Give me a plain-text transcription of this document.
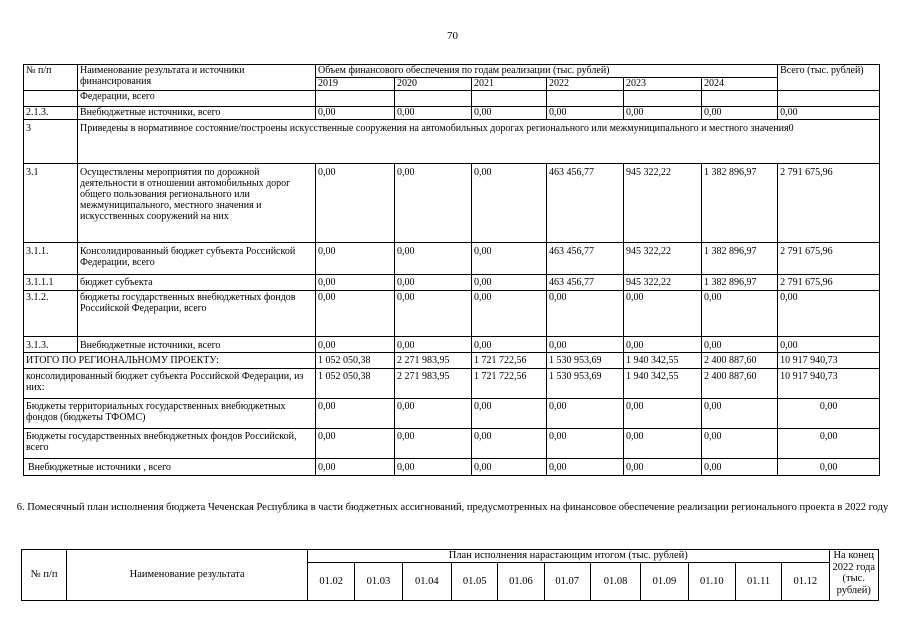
70
№ п/п	Наименование результата и источники финансирования	Объем финансового обеспечения по годам реализации (тыс. рублей)						Всего (тыс. рублей)
		2019	2020	2021	2022	2023	2024	
	Федерации, всего							
2.1.3.	Внебюджетные источники, всего	0,00	0,00	0,00	0,00	0,00	0,00	0,00
3	Приведены в нормативное состояние/построены искусственные сооружения на автомобильных дорогах регионального или межмуниципального и местного значения0							
3.1	Осуществлены мероприятия по дорожной деятельности в отношении автомобильных дорог общего пользования регионального или межмуниципального, местного значения и искусственных сооружений на них	0,00	0,00	0,00	463 456,77	945 322,22	1 382 896,97	2 791 675,96
3.1.1.	Консолидированный бюджет субъекта Российской Федерации, всего	0,00	0,00	0,00	463 456,77	945 322,22	1 382 896,97	2 791 675,96
3.1.1.1	бюджет субъекта	0,00	0,00	0,00	463 456,77	945 322,22	1 382 896,97	2 791 675,96
3.1.2.	бюджеты государственных внебюджетных фондов Российской Федерации, всего	0,00	0,00	0,00	0,00	0,00	0,00	0,00
3.1.3.	Внебюджетные источники, всего	0,00	0,00	0,00	0,00	0,00	0,00	0,00
ИТОГО ПО РЕГИОНАЛЬНОМУ ПРОЕКТУ:		1 052 050,38	2 271 983,95	1 721 722,56	1 530 953,69	1 940 342,55	2 400 887,60	10 917 940,73
консолидированный бюджет субъекта Российской Федерации, из них:		1 052 050,38	2 271 983,95	1 721 722,56	1 530 953,69	1 940 342,55	2 400 887,60	10 917 940,73
Бюджеты территориальных государственных внебюджетных фондов (бюджеты ТФОМС)		0,00	0,00	0,00	0,00	0,00	0,00	0,00
Бюджеты государственных внебюджетных фондов Российской, всего		0,00	0,00	0,00	0,00	0,00	0,00	0,00
Внебюджетные источники , всего		0,00	0,00	0,00	0,00	0,00	0,00	0,00
6. Помесячный план исполнения бюджета Чеченская Республика в части бюджетных ассигнований, предусмотренных на финансовое обеспечение реализации регионального проекта в 2022 году
№ п/п	Наименование результата	План исполнения нарастающим итогом (тыс. рублей)											На конец 2022 года (тыс. рублей)
		01.02	01.03	01.04	01.05	01.06	01.07	01.08	01.09	01.10	01.11	01.12	
